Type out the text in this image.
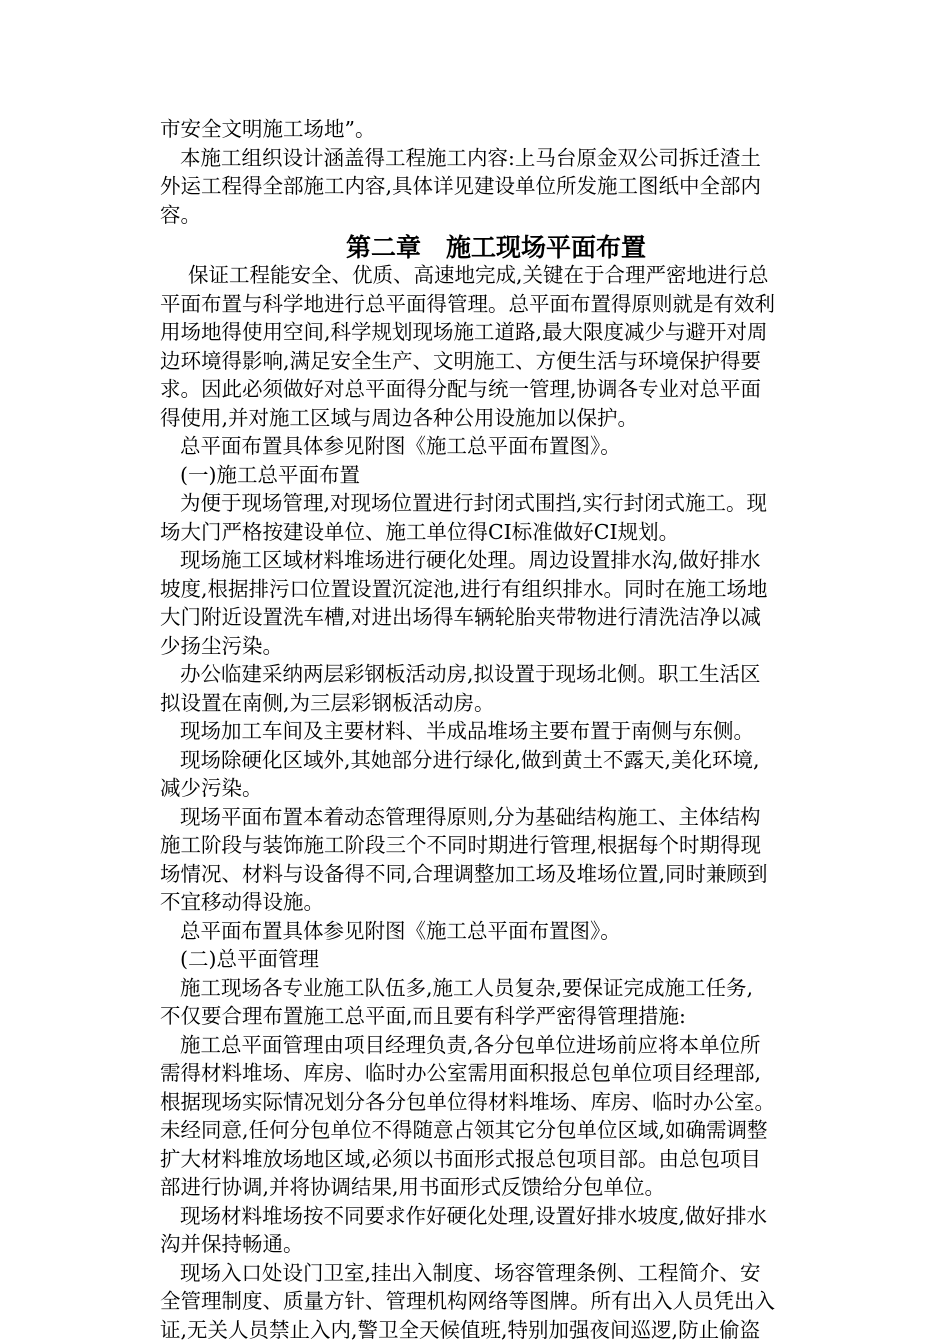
市安全文明施工场地”。
本施工组织设计涵盖得工程施工内容:上马台原金双公司拆迁渣土
外运工程得全部施工内容,具体详见建设单位所发施工图纸中全部内
容。
第二章　施工现场平面布置
保证工程能安全、优质、高速地完成,关键在于合理严密地进行总
平面布置与科学地进行总平面得管理。总平面布置得原则就是有效利
用场地得使用空间,科学规划现场施工道路,最大限度减少与避开对周
边环境得影响,满足安全生产、文明施工、方便生活与环境保护得要
求。因此必须做好对总平面得分配与统一管理,协调各专业对总平面
得使用,并对施工区域与周边各种公用设施加以保护。
总平面布置具体参见附图《施工总平面布置图》。
(一)施工总平面布置
为便于现场管理,对现场位置进行封闭式围挡,实行封闭式施工。现
场大门严格按建设单位、施工单位得CI标准做好CI规划。
现场施工区域材料堆场进行硬化处理。周边设置排水沟,做好排水
坡度,根据排污口位置设置沉淀池,进行有组织排水。同时在施工场地
大门附近设置洗车槽,对进出场得车辆轮胎夹带物进行清洗洁净以减
少扬尘污染。
办公临建采纳两层彩钢板活动房,拟设置于现场北侧。职工生活区
拟设置在南侧,为三层彩钢板活动房。
现场加工车间及主要材料、半成品堆场主要布置于南侧与东侧。
现场除硬化区域外,其她部分进行绿化,做到黄土不露天,美化环境,
减少污染。
现场平面布置本着动态管理得原则,分为基础结构施工、主体结构
施工阶段与装饰施工阶段三个不同时期进行管理,根据每个时期得现
场情况、材料与设备得不同,合理调整加工场及堆场位置,同时兼顾到
不宜移动得设施。
总平面布置具体参见附图《施工总平面布置图》。
(二)总平面管理
施工现场各专业施工队伍多,施工人员复杂,要保证完成施工任务,
不仅要合理布置施工总平面,而且要有科学严密得管理措施:
施工总平面管理由项目经理负责,各分包单位进场前应将本单位所
需得材料堆场、库房、临时办公室需用面积报总包单位项目经理部,
根据现场实际情况划分各分包单位得材料堆场、库房、临时办公室。
未经同意,任何分包单位不得随意占领其它分包单位区域,如确需调整
扩大材料堆放场地区域,必须以书面形式报总包项目部。由总包项目
部进行协调,并将协调结果,用书面形式反馈给分包单位。
现场材料堆场按不同要求作好硬化处理,设置好排水坡度,做好排水
沟并保持畅通。
现场入口处设门卫室,挂出入制度、场容管理条例、工程简介、安
全管理制度、质量方针、管理机构网络等图牌。所有出入人员凭出入
证,无关人员禁止入内,警卫全天候值班,特别加强夜间巡逻,防止偷盗
